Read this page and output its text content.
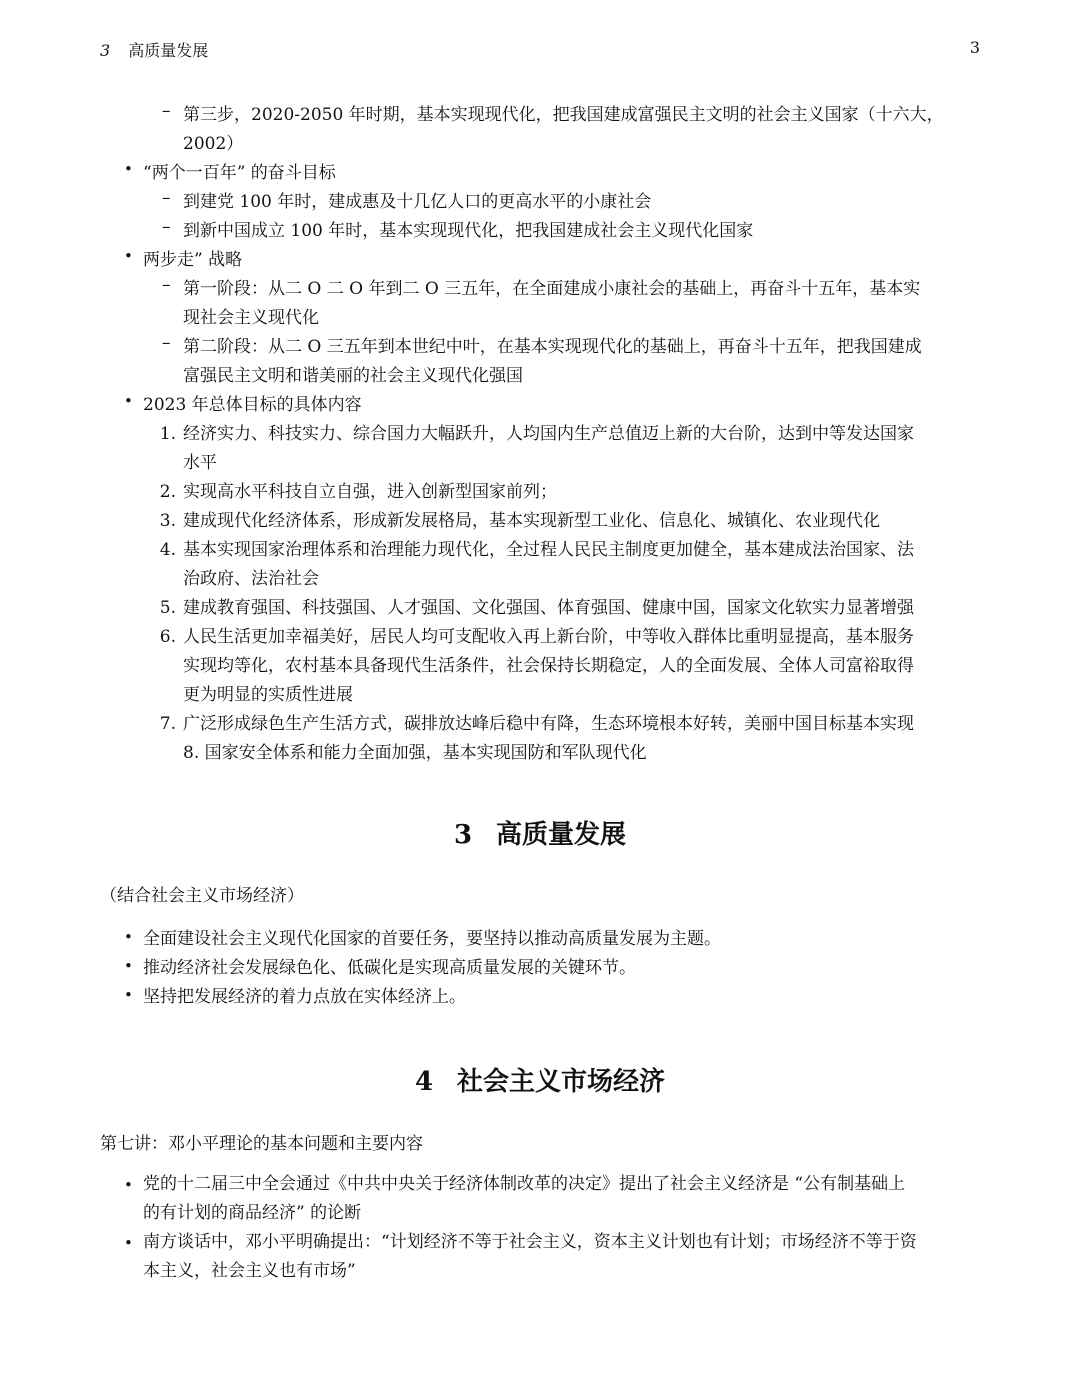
3 高质量发展	3
– 第三步，2020-2050 年时期，基本实现现代化，把我国建成富强民主文明的社会主义国家（十六大，
2002）
• “两个一百年” 的奋斗目标
– 到建党 100 年时，建成惠及十几亿人口的更高水平的小康社会
– 到新中国成立 100 年时，基本实现现代化，把我国建成社会主义现代化国家
• 两步走” 战略
– 第一阶段：从二 O 二 O 年到二 O 三五年，在全面建成小康社会的基础上，再奋斗十五年，基本实
现社会主义现代化
– 第二阶段：从二 O 三五年到本世纪中叶，在基本实现现代化的基础上，再奋斗十五年，把我国建成
富强民主文明和谐美丽的社会主义现代化强国
• 2023 年总体目标的具体内容
1. 经济实力、科技实力、综合国力大幅跃升，人均国内生产总值迈上新的大台阶，达到中等发达国家
水平
2. 实现高水平科技自立自强，进入创新型国家前列；
3. 建成现代化经济体系，形成新发展格局，基本实现新型工业化、信息化、城镇化、农业现代化
4. 基本实现国家治理体系和治理能力现代化，全过程人民民主制度更加健全，基本建成法治国家、法
治政府、法治社会
5. 建成教育强国、科技强国、人才强国、文化强国、体育强国、健康中国，国家文化软实力显著增强
6. 人民生活更加幸福美好，居民人均可支配收入再上新台阶，中等收入群体比重明显提高，基本服务
实现均等化，农村基本具备现代生活条件，社会保持长期稳定，人的全面发展、全体人司富裕取得
更为明显的实质性进展
7. 广泛形成绿色生产生活方式，碳排放达峰后稳中有降，生态环境根本好转，美丽中国目标基本实现
8. 国家安全体系和能力全面加强，基本实现国防和军队现代化
3 高质量发展
（结合社会主义市场经济）
• 全面建设社会主义现代化国家的首要任务，要坚持以推动高质量发展为主题。
• 推动经济社会发展绿色化、低碳化是实现高质量发展的关键环节。
• 坚持把发展经济的着力点放在实体经济上。
4 社会主义市场经济
第七讲：邓小平理论的基本问题和主要内容
• 党的十二届三中全会通过《中共中央关于经济体制改革的决定》提出了社会主义经济是 “公有制基础上
的有计划的商品经济” 的论断
• 南方谈话中，邓小平明确提出：“计划经济不等于社会主义，资本主义计划也有计划；市场经济不等于资
本主义，社会主义也有市场”
